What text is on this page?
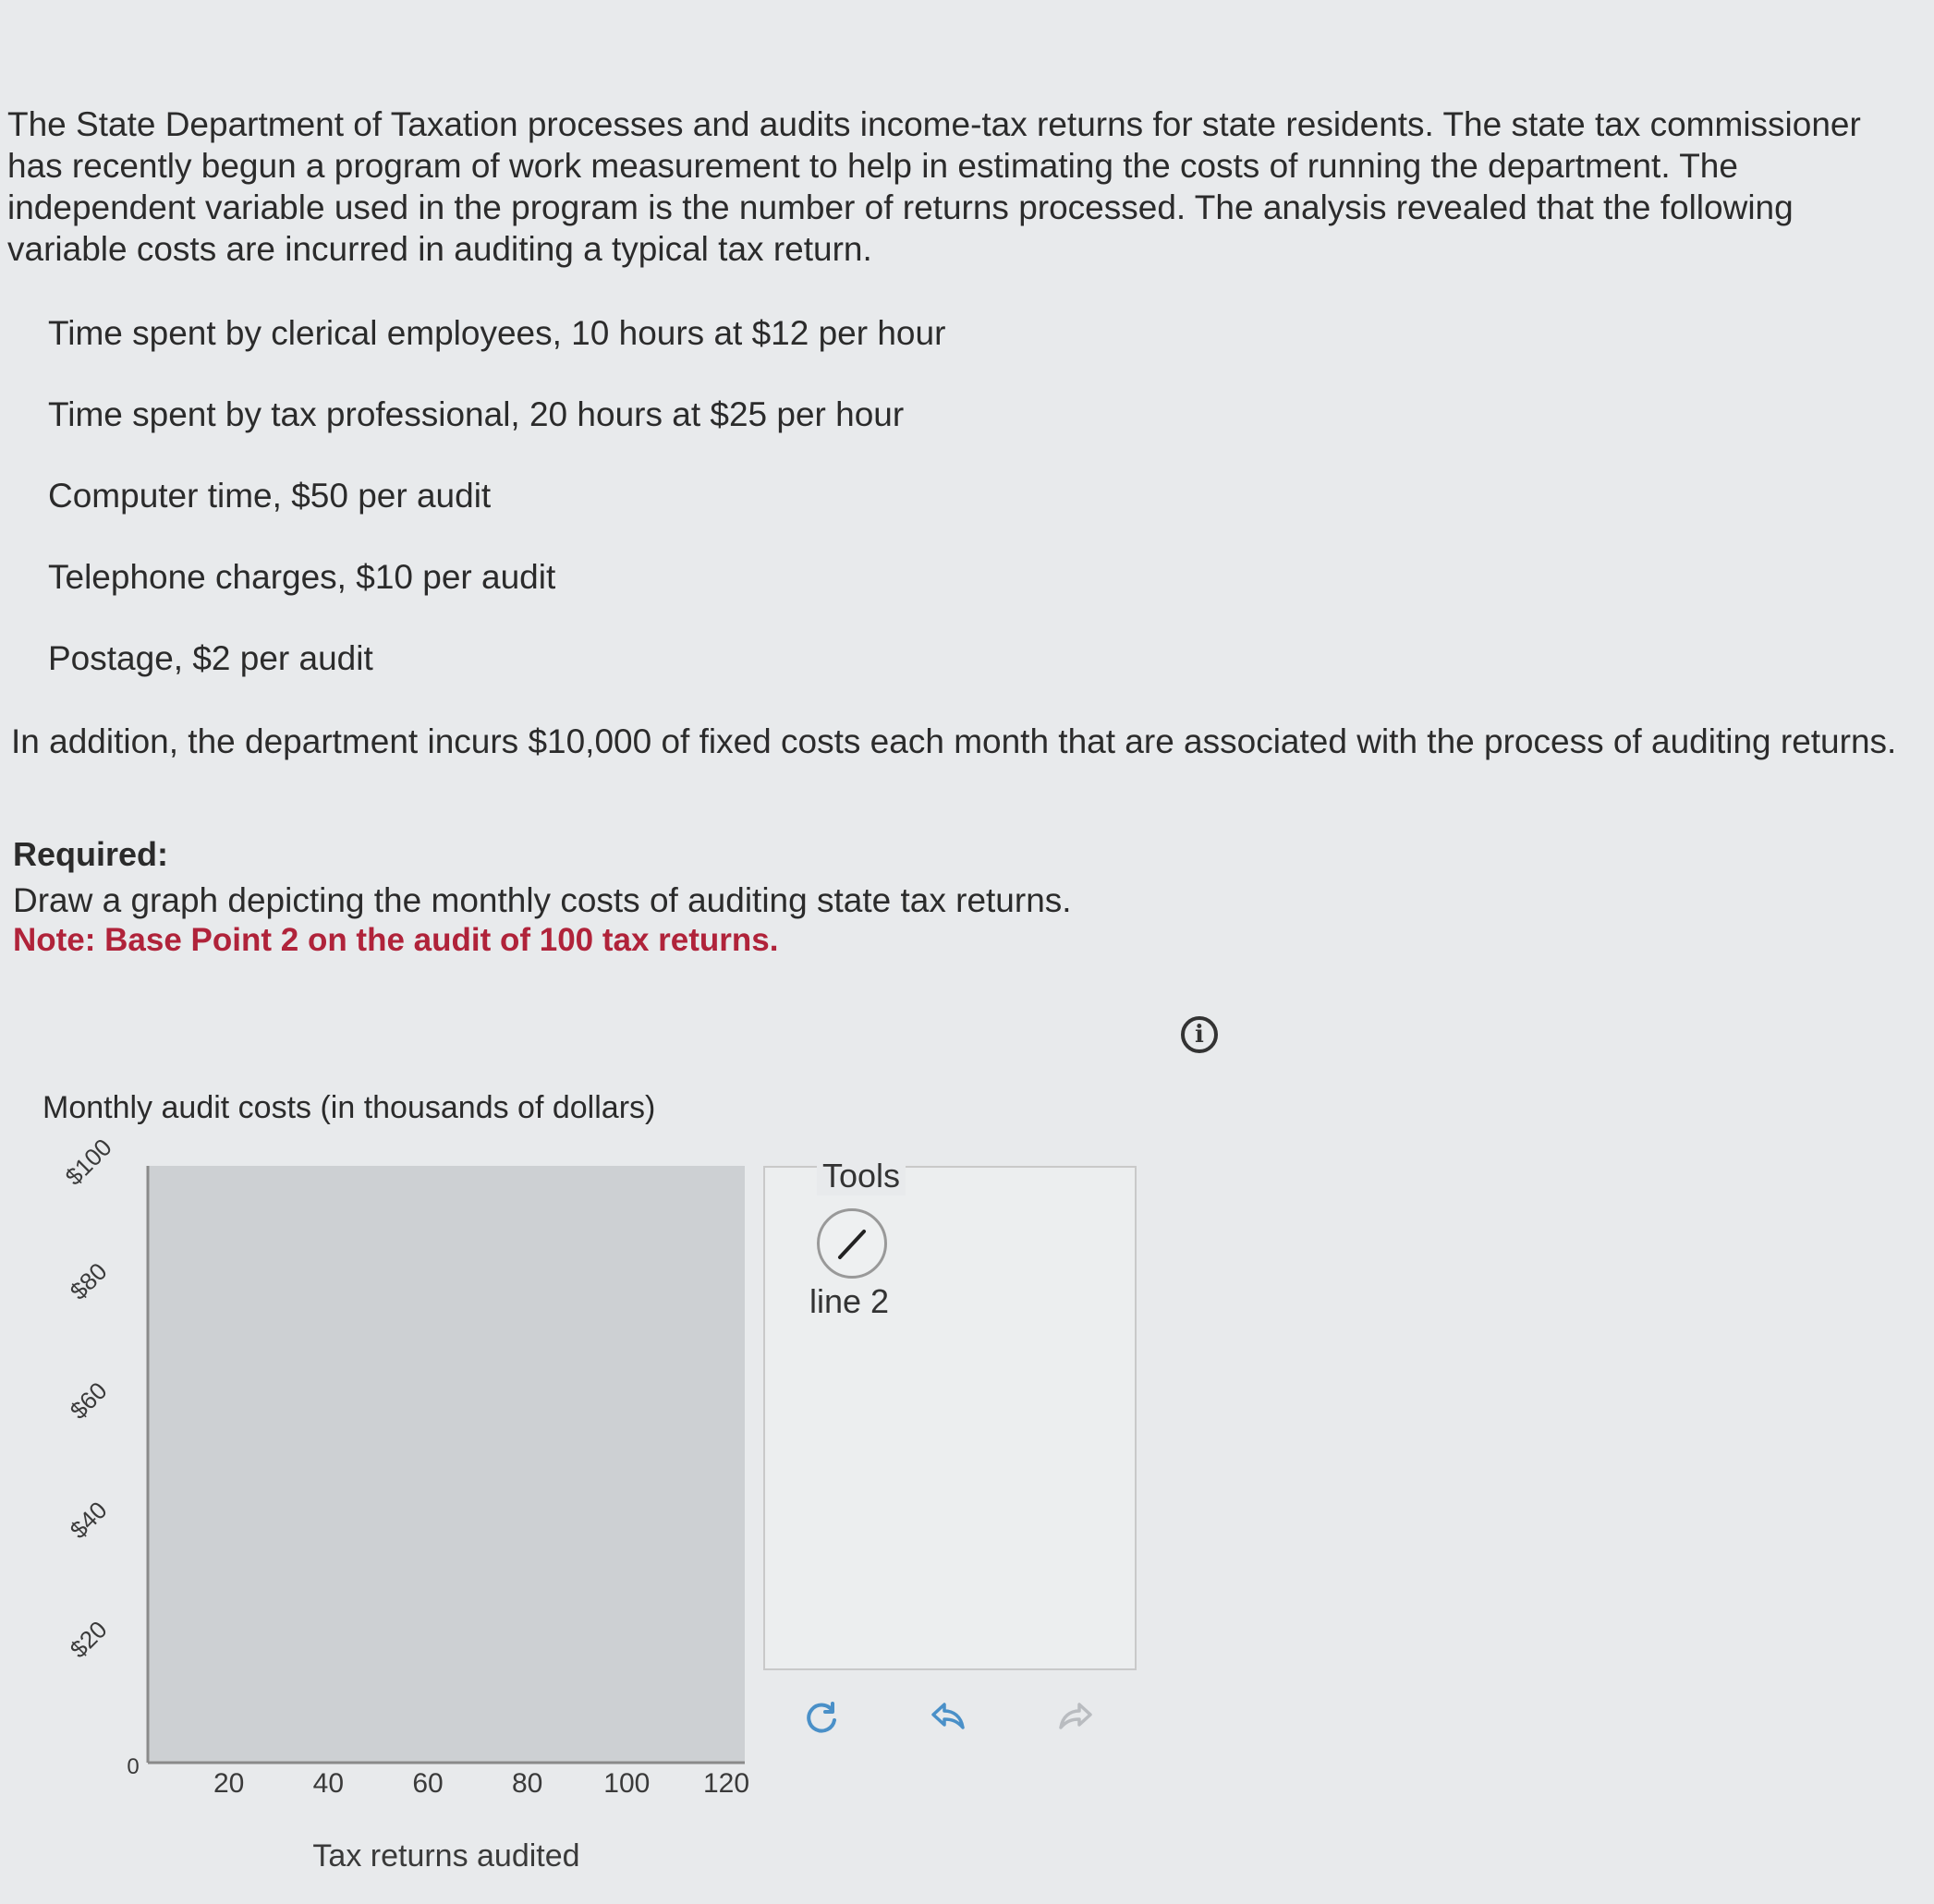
The State Department of Taxation processes and audits income-tax returns for state residents. The state tax commissioner has recently begun a program of work measurement to help in estimating the costs of running the department. The independent variable used in the program is the number of returns processed. The analysis revealed that the following variable costs are incurred in auditing a typical tax return.

Time spent by clerical employees, 10 hours at $12 per hour
Time spent by tax professional, 20 hours at $25 per hour
Computer time, $50 per audit
Telephone charges, $10 per audit
Postage, $2 per audit

In addition, the department incurs $10,000 of fixed costs each month that are associated with the process of auditing returns.

Required:

Draw a graph depicting the monthly costs of auditing state tax returns.

Note: Base Point 2 on the audit of 100 tax returns.

i

Monthly audit costs (in thousands of dollars)

0
20 40 60 80 100 120
$20
$40
$60
$80
$100
Tax returns audited
Tools
line 2
